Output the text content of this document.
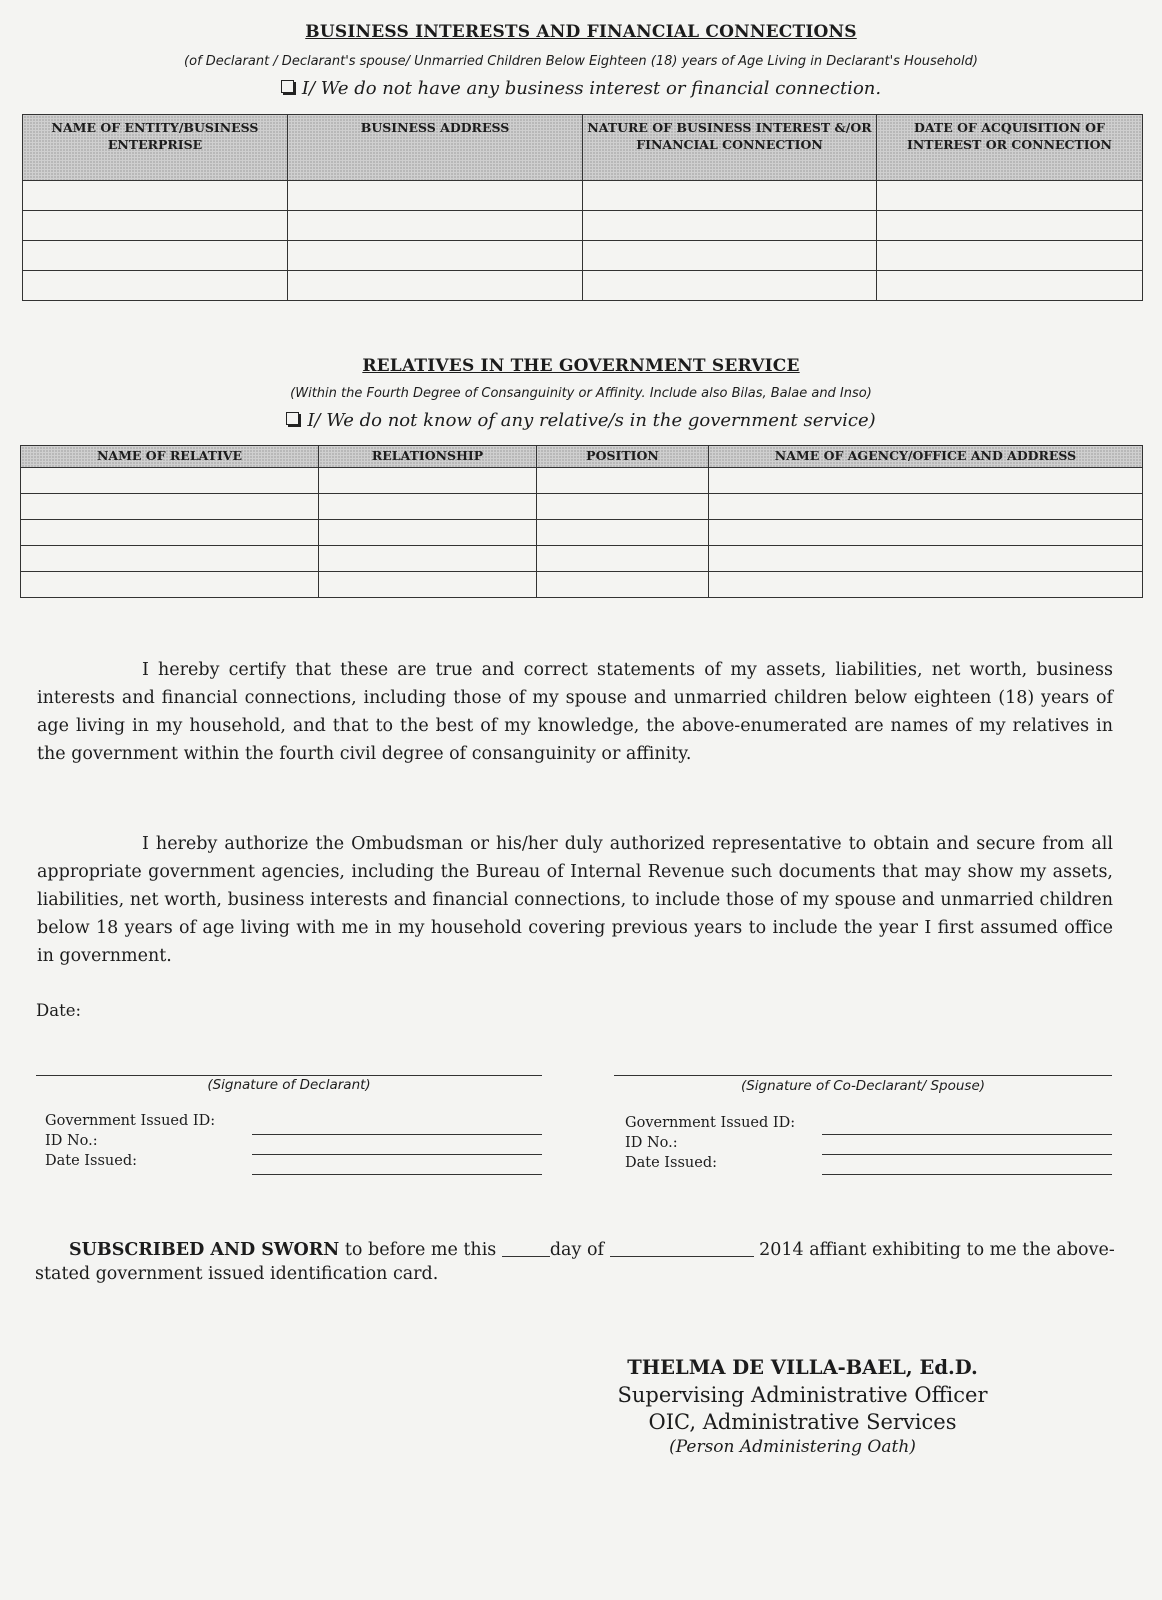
BUSINESS INTERESTS AND FINANCIAL CONNECTIONS
(of Declarant / Declarant's spouse/ Unmarried Children Below Eighteen (18) years of Age Living in Declarant's Household)
I/ We do not have any business interest or financial connection.
NAME OF ENTITY/BUSINESS ENTERPRISE	BUSINESS ADDRESS	NATURE OF BUSINESS INTEREST &/OR FINANCIAL CONNECTION	DATE OF ACQUISITION OF INTEREST OR CONNECTION

RELATIVES IN THE GOVERNMENT SERVICE
(Within the Fourth Degree of Consanguinity or Affinity. Include also Bilas, Balae and Inso)
I/ We do not know of any relative/s in the government service)
NAME OF RELATIVE	RELATIONSHIP	POSITION	NAME OF AGENCY/OFFICE AND ADDRESS

I hereby certify that these are true and correct statements of my assets, liabilities, net worth, business interests and financial connections, including those of my spouse and unmarried children below eighteen (18) years of age living in my household, and that to the best of my knowledge, the above-enumerated are names of my relatives in the government within the fourth civil degree of consanguinity or affinity.
I hereby authorize the Ombudsman or his/her duly authorized representative to obtain and secure from all appropriate government agencies, including the Bureau of Internal Revenue such documents that may show my assets, liabilities, net worth, business interests and financial connections, to include those of my spouse and unmarried children below 18 years of age living with me in my household covering previous years to include the year I first assumed office in government.
Date:
(Signature of Declarant)
Government Issued ID:
ID No.:
Date Issued:
(Signature of Co-Declarant/ Spouse)
Government Issued ID:
ID No.:
Date Issued:
SUBSCRIBED AND SWORN to before me this	day of	2014 affiant exhibiting to me the above-stated government issued identification card.
THELMA DE VILLA-BAEL, Ed.D.
Supervising Administrative Officer
OIC, Administrative Services
(Person Administering Oath)
